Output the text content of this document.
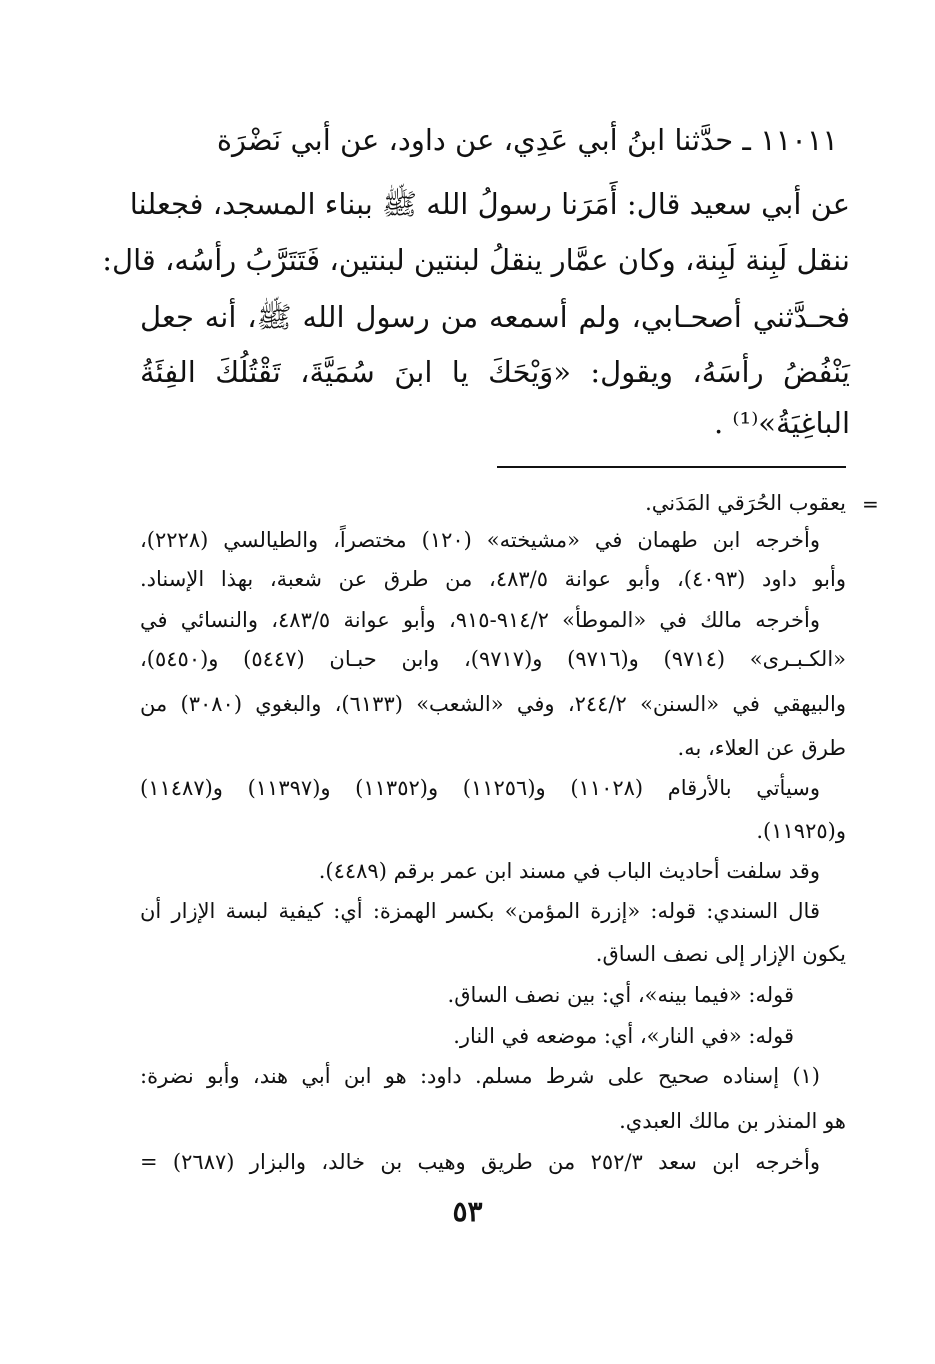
١١٠١١ ـ حدَّثنا ابنُ أبي عَدِي، عن داود، عن أبي نَضْرَة
عن أبي سعيد قال: أَمَرَنا رسولُ الله ﷺ ببناء المسجد، فجعلنا
ننقل لَبِنة لَبِنة، وكان عمَّار ينقلُ لبنتين لبنتين، فَتَتَرَّبُ رأسُه، قال:
فحـدَّثني أصحـابي، ولم أسمعه من رسول الله ﷺ، أنه جعل
يَنْفُضُ رأسَهُ، ويقول: «وَيْحَكَ يا ابنَ سُمَيَّةَ، تَقْتُلُكَ الفِئَةُ
الباغِيَةُ»⁽¹⁾ .
يعقوب الحُرَقي المَدَني.
وأخرجه ابن طهمان في «مشيخته» (١٢٠) مختصراً، والطيالسي (٢٢٢٨)،
وأبو داود (٤٠٩٣)، وأبو عوانة ٤٨٣/٥، من طرق عن شعبة، بهذا الإسناد.
وأخرجه مالك في «الموطأ» ٩١٤/٢-٩١٥، وأبو عوانة ٤٨٣/٥، والنسائي في
«الكـبـرى» (٩٧١٤) و(٩٧١٦) و(٩٧١٧)، وابن حبـان (٥٤٤٧) و(٥٤٥٠)،
والبيهقي في «السنن» ٢٤٤/٢، وفي «الشعب» (٦١٣٣)، والبغوي (٣٠٨٠) من
طرق عن العلاء، به.
وسيأتي بالأرقام (١١٠٢٨) و(١١٢٥٦) و(١١٣٥٢) و(١١٣٩٧) و(١١٤٨٧)
و(١١٩٢٥).
وقد سلفت أحاديث الباب في مسند ابن عمر برقم (٤٤٨٩).
قال السندي: قوله: «إزرة المؤمن» بكسر الهمزة: أي: كيفية لبسة الإزار أن
يكون الإزار إلى نصف الساق.
قوله: «فيما بينه»، أي: بين نصف الساق.
قوله: «في النار»، أي: موضعه في النار.
(١) إسناده صحيح على شرط مسلم. داود: هو ابن أبي هند، وأبو نضرة:
هو المنذر بن مالك العبدي.
وأخرجه ابن سعد ٢٥٢/٣ من طريق وهيب بن خالد، والبزار (٢٦٨٧) =
=
٥٣
